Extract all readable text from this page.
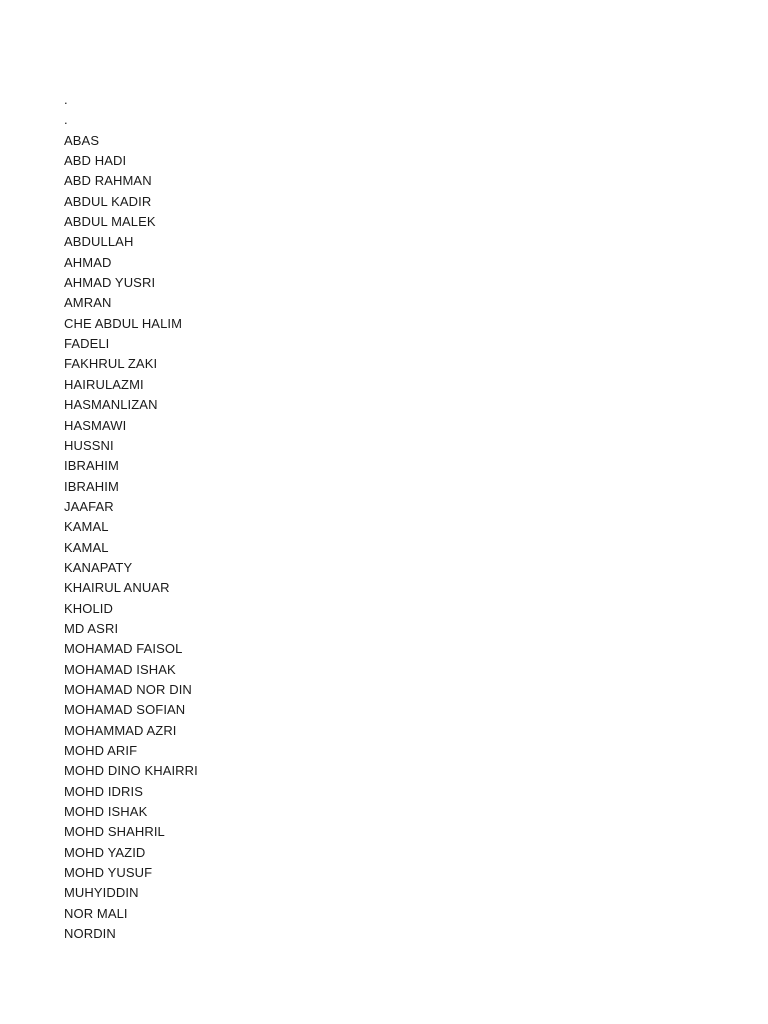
.
.
ABAS
ABD HADI
ABD RAHMAN
ABDUL KADIR
ABDUL MALEK
ABDULLAH
AHMAD
AHMAD YUSRI
AMRAN
CHE ABDUL HALIM
FADELI
FAKHRUL ZAKI
HAIRULAZMI
HASMANLIZAN
HASMAWI
HUSSNI
IBRAHIM
IBRAHIM
JAAFAR
KAMAL
KAMAL
KANAPATY
KHAIRUL ANUAR
KHOLID
MD ASRI
MOHAMAD FAISOL
MOHAMAD ISHAK
MOHAMAD NOR DIN
MOHAMAD SOFIAN
MOHAMMAD AZRI
MOHD ARIF
MOHD DINO KHAIRRI
MOHD IDRIS
MOHD ISHAK
MOHD SHAHRIL
MOHD YAZID
MOHD YUSUF
MUHYIDDIN
NOR MALI
NORDIN
